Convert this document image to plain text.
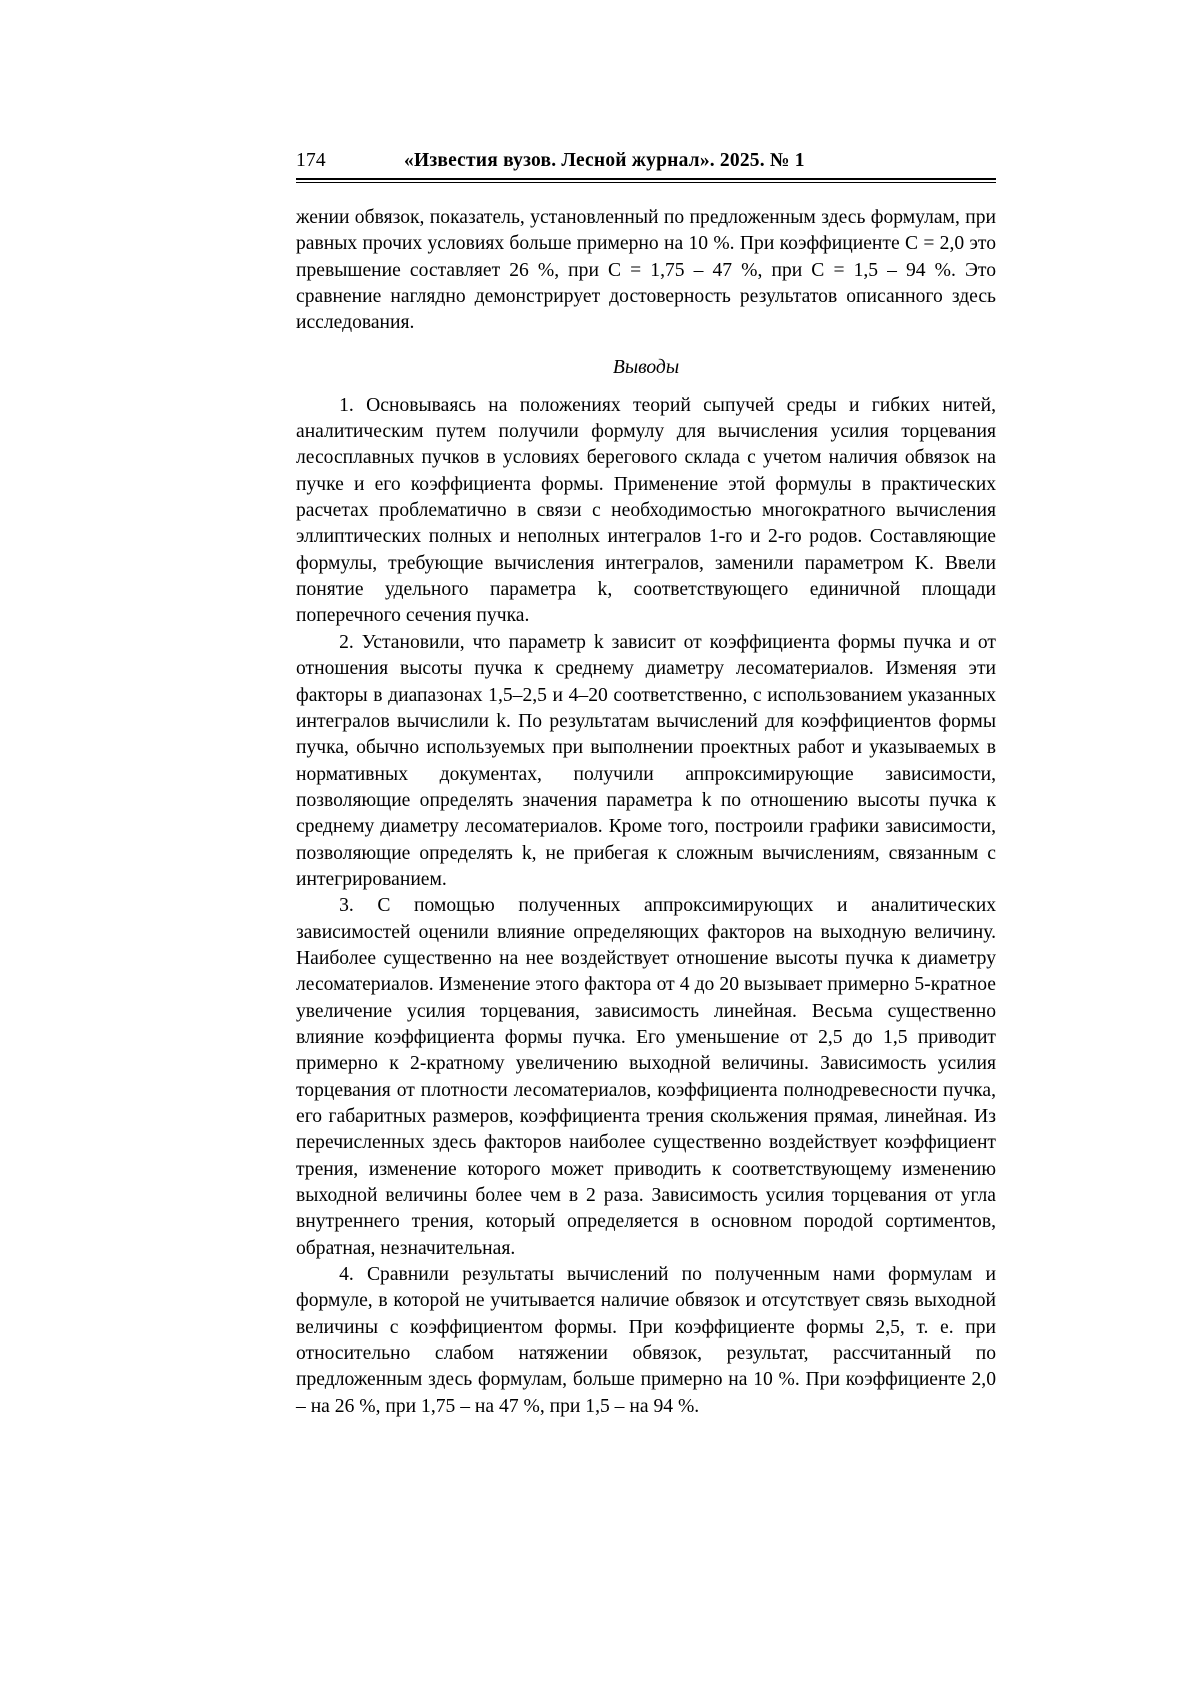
174	«Известия вузов. Лесной журнал». 2025. № 1

жении обвязок, показатель, установленный по предложенным здесь формулам, при равных прочих условиях больше примерно на 10 %. При коэффициенте C = 2,0 это превышение составляет 26 %, при C = 1,75 – 47 %, при C = 1,5 – 94 %. Это сравнение наглядно демонстрирует достоверность результатов описанного здесь исследования.

Выводы

1. Основываясь на положениях теорий сыпучей среды и гибких нитей, аналитическим путем получили формулу для вычисления усилия торцевания лесосплавных пучков в условиях берегового склада с учетом наличия обвязок на пучке и его коэффициента формы. Применение этой формулы в практических расчетах проблематично в связи с необходимостью многократного вычисления эллиптических полных и неполных интегралов 1-го и 2-го родов. Составляющие формулы, требующие вычисления интегралов, заменили параметром K. Ввели понятие удельного параметра k, соответствующего единичной площади поперечного сечения пучка.

2. Установили, что параметр k зависит от коэффициента формы пучка и от отношения высоты пучка к среднему диаметру лесоматериалов. Изменяя эти факторы в диапазонах 1,5–2,5 и 4–20 соответственно, с использованием указанных интегралов вычислили k. По результатам вычислений для коэффициентов формы пучка, обычно используемых при выполнении проектных работ и указываемых в нормативных документах, получили аппроксимирующие зависимости, позволяющие определять значения параметра k по отношению высоты пучка к среднему диаметру лесоматериалов. Кроме того, построили графики зависимости, позволяющие определять k, не прибегая к сложным вычислениям, связанным с интегрированием.

3. С помощью полученных аппроксимирующих и аналитических зависимостей оценили влияние определяющих факторов на выходную величину. Наиболее существенно на нее воздействует отношение высоты пучка к диаметру лесоматериалов. Изменение этого фактора от 4 до 20 вызывает примерно 5-кратное увеличение усилия торцевания, зависимость линейная. Весьма существенно влияние коэффициента формы пучка. Его уменьшение от 2,5 до 1,5 приводит примерно к 2-кратному увеличению выходной величины. Зависимость усилия торцевания от плотности лесоматериалов, коэффициента полнодревесности пучка, его габаритных размеров, коэффициента трения скольжения прямая, линейная. Из перечисленных здесь факторов наиболее существенно воздействует коэффициент трения, изменение которого может приводить к соответствующему изменению выходной величины более чем в 2 раза. Зависимость усилия торцевания от угла внутреннего трения, который определяется в основном породой сортиментов, обратная, незначительная.

4. Сравнили результаты вычислений по полученным нами формулам и формуле, в которой не учитывается наличие обвязок и отсутствует связь выходной величины с коэффициентом формы. При коэффициенте формы 2,5, т. е. при относительно слабом натяжении обвязок, результат, рассчитанный по предложенным здесь формулам, больше примерно на 10 %. При коэффициенте 2,0 – на 26 %, при 1,75 – на 47 %, при 1,5 – на 94 %.
